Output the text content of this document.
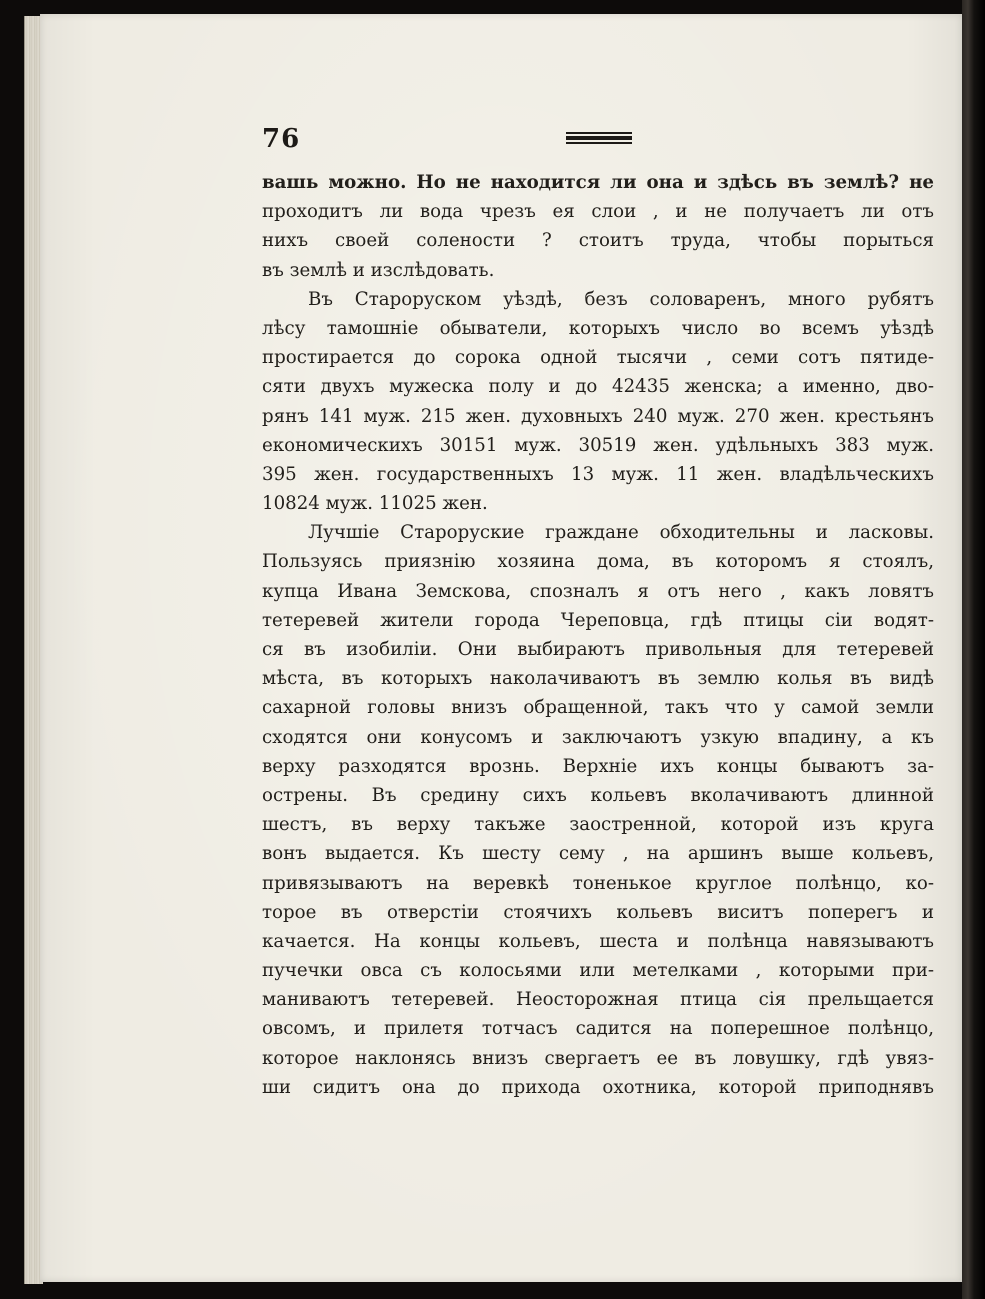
76
вашь можно. Но не находится ли она и здѣсь въ землѣ? не
проходитъ ли вода чрезъ ея слои , и не получаетъ ли отъ
нихъ своей солености ? стоитъ труда, чтобы порыться
въ землѣ и изслѣдовать.
Въ Староруском уѣздѣ, безъ соловаренъ, много рубятъ
лѣсу тамошніе обыватели, которыхъ число во всемъ уѣздѣ
простирается до сорока одной тысячи , семи сотъ пятиде-
сяти двухъ мужеска полу и до 42435 женска; а именно, дво-
рянъ 141 муж. 215 жен. духовныхъ 240 муж. 270 жен. крестьянъ
економическихъ 30151 муж. 30519 жен. удѣльныхъ 383 муж.
395 жен. государственныхъ 13 муж. 11 жен. владѣльческихъ
10824 муж. 11025 жен.
Лучшіе Староруские граждане обходительны и ласковы.
Пользуясь приязнію хозяина дома, въ которомъ я стоялъ,
купца Ивана Земскова, спозналъ я отъ него , какъ ловятъ
тетеревей жители города Череповца, гдѣ птицы сіи водят-
ся въ изобиліи. Они выбираютъ привольныя для тетеревей
мѣста, въ которыхъ наколачиваютъ въ землю колья въ видѣ
сахарной головы внизъ обращенной, такъ что у самой земли
сходятся они конусомъ и заключаютъ узкую впадину, а къ
верху разходятся врознь. Верхніе ихъ концы бываютъ за-
острены. Въ средину сихъ кольевъ вколачиваютъ длинной
шестъ, въ верху такъже заостренной, которой изъ круга
вонъ выдается. Къ шесту сему , на аршинъ выше кольевъ,
привязываютъ на веревкѣ тоненькое круглое полѣнцо, ко-
торое въ отверстіи стоячихъ кольевъ виситъ поперегъ и
качается. На концы кольевъ, шеста и полѣнца навязываютъ
пучечки овса съ колосьями или метелками , которыми при-
маниваютъ тетеревей. Неосторожная птица сія прельщается
овсомъ, и прилетя тотчасъ садится на поперешное полѣнцо,
которое наклонясь внизъ свергаетъ ее въ ловушку, гдѣ увяз-
ши сидитъ она до прихода охотника, которой приподнявъ
